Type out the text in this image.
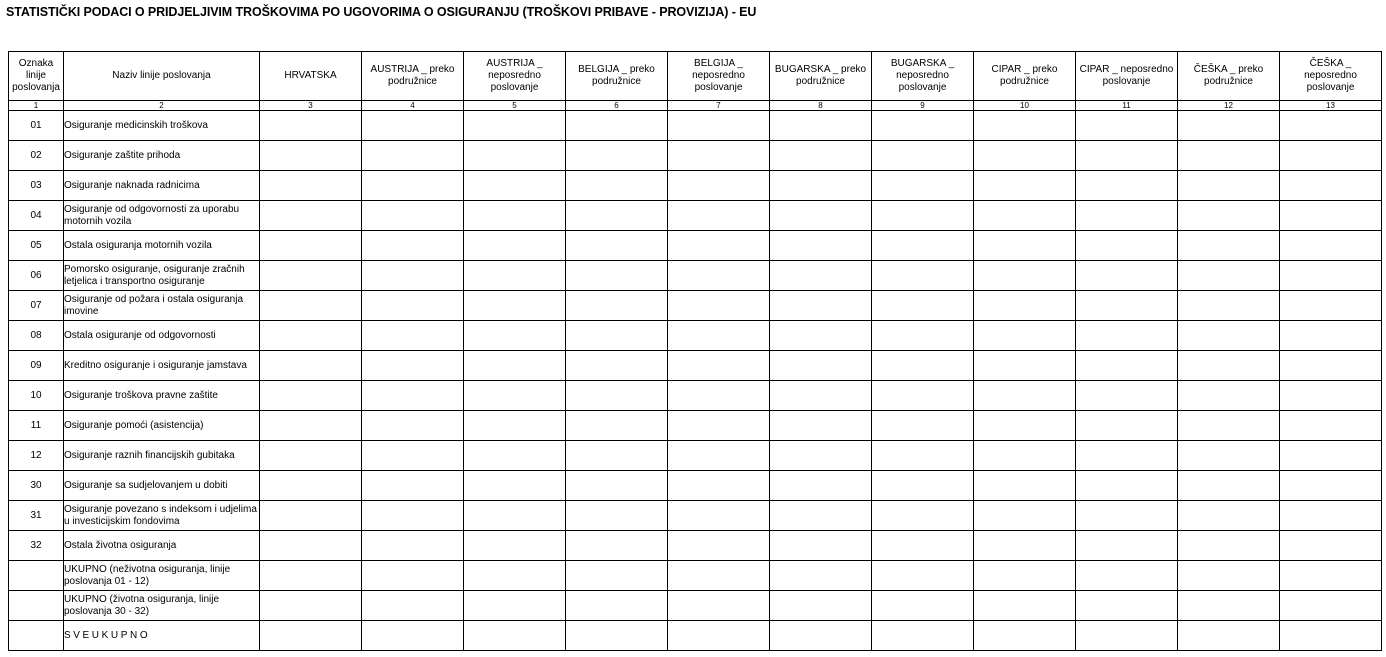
STATISTIČKI PODACI O PRIDJELJIVIM TROŠKOVIMA PO UGOVORIMA O OSIGURANJU (TROŠKOVI PRIBAVE - PROVIZIJA) - EU
Oznaka linije poslovanja	Naziv linije poslovanja	HRVATSKA	AUSTRIJA _ preko podružnice	AUSTRIJA _ neposredno poslovanje	BELGIJA _ preko podružnice	BELGIJA _ neposredno poslovanje	BUGARSKA _ preko podružnice	BUGARSKA _ neposredno poslovanje	CIPAR _ preko podružnice	CIPAR _ neposredno poslovanje	ČEŠKA _ preko podružnice	ČEŠKA _ neposredno poslovanje
1	2	3	4	5	6	7	8	9	10	11	12	13
01	Osiguranje medicinskih troškova											
02	Osiguranje zaštite prihoda											
03	Osiguranje naknada radnicima											
04	Osiguranje od odgovornosti za uporabu motornih vozila											
05	Ostala osiguranja motornih vozila											
06	Pomorsko osiguranje, osiguranje zračnih letjelica i transportno osiguranje											
07	Osiguranje od požara i ostala osiguranja imovine											
08	Ostala osiguranje od odgovornosti											
09	Kreditno osiguranje i osiguranje jamstava											
10	Osiguranje troškova pravne zaštite											
11	Osiguranje pomoći (asistencija)											
12	Osiguranje raznih financijskih gubitaka											
30	Osiguranje sa sudjelovanjem u dobiti											
31	Osiguranje povezano s indeksom i udjelima u investicijskim fondovima											
32	Ostala životna osiguranja											
	UKUPNO (neživotna osiguranja, linije poslovanja 01 - 12)											
	UKUPNO (životna osiguranja, linije poslovanja 30 - 32)											
	SVEUKUPNO											
